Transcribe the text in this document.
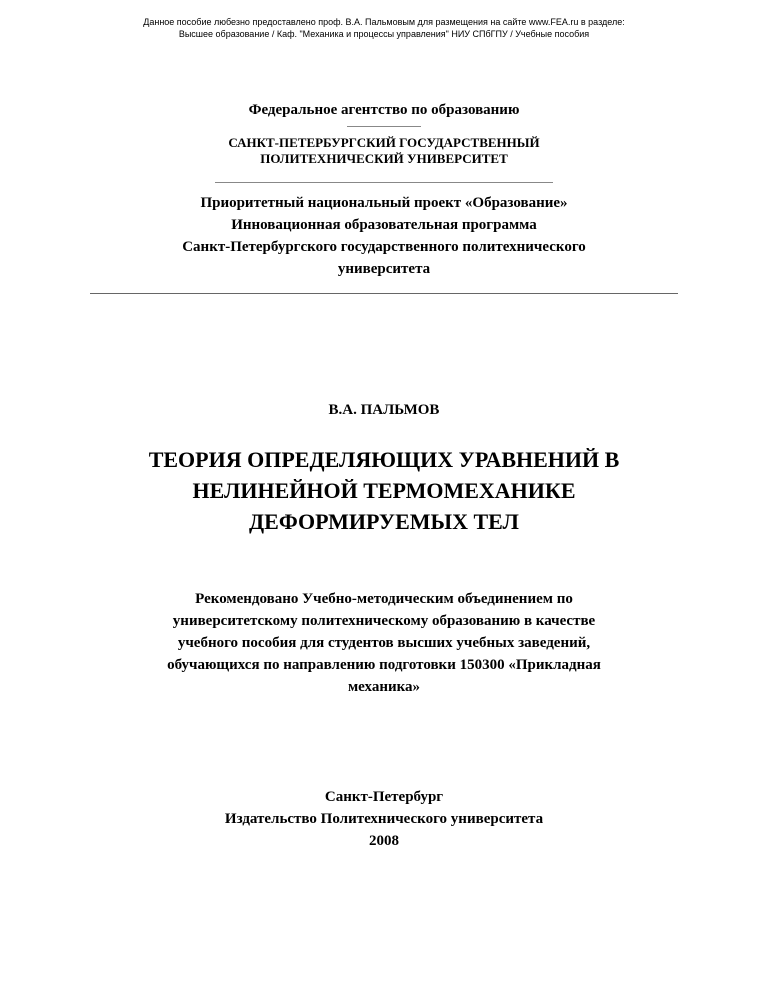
Данное пособие любезно предоставлено проф. В.А. Пальмовым для размещения на сайте www.FEA.ru в разделе:
Высшее образование / Каф. "Механика и процессы управления" НИУ СПбГПУ / Учебные пособия
Федеральное агентство по образованию
САНКТ-ПЕТЕРБУРГСКИЙ ГОСУДАРСТВЕННЫЙ
ПОЛИТЕХНИЧЕСКИЙ УНИВЕРСИТЕТ
Приоритетный национальный проект «Образование»
Инновационная образовательная программа
Санкт-Петербургского государственного политехнического
университета
В.А. ПАЛЬМОВ
ТЕОРИЯ ОПРЕДЕЛЯЮЩИХ УРАВНЕНИЙ В
НЕЛИНЕЙНОЙ ТЕРМОМЕХАНИКЕ
ДЕФОРМИРУЕМЫХ ТЕЛ
Рекомендовано Учебно-методическим объединением по
университетскому политехническому образованию в качестве
учебного пособия для студентов высших учебных заведений,
обучающихся по направлению подготовки 150300 «Прикладная
механика»
Санкт-Петербург
Издательство Политехнического университета
2008
